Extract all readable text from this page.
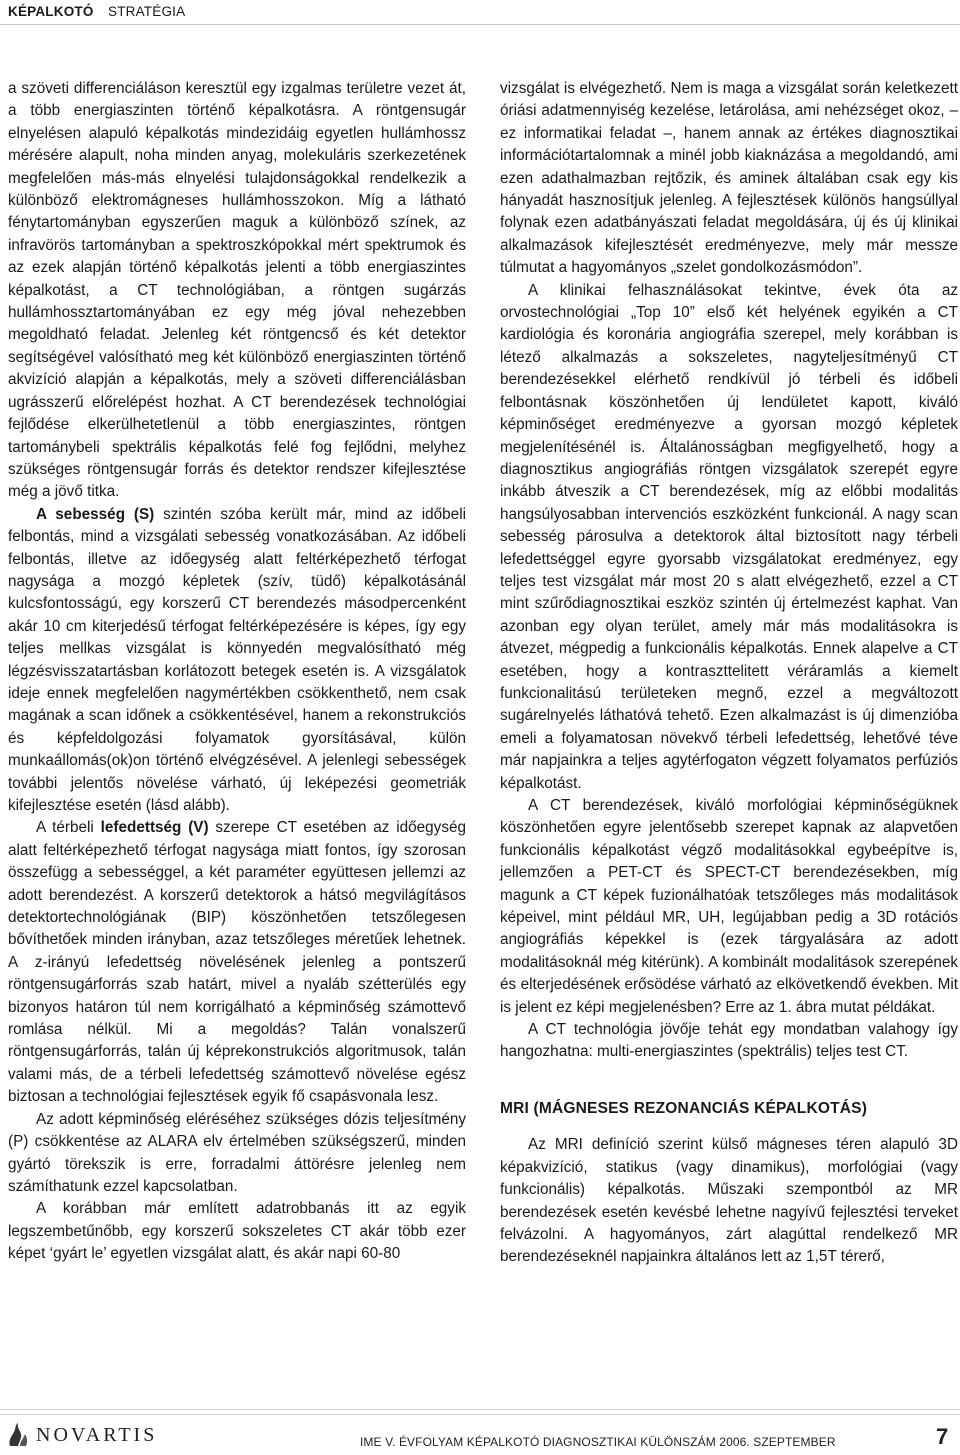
KÉPALKOTÓ STRATÉGIA

a szöveti differenciáláson keresztül egy izgalmas területre vezet át, a több energiaszinten történő képalkotásra. A röntgensugár elnyelésen alapuló képalkotás mindezidáig egyetlen hullámhossz mérésére alapult, noha minden anyag, molekuláris szerkezetének megfelelően más-más elnyelési tulajdonságokkal rendelkezik a különböző elektromágneses hullámhosszokon. Míg a látható fénytartományban egyszerűen maguk a különböző színek, az infravörös tartományban a spektroszkópokkal mért spektrumok és az ezek alapján történő képalkotás jelenti a több energiaszintes képalkotást, a CT technológiában, a röntgen sugárzás hullámhossztartományában ez egy még jóval nehezebben megoldható feladat. Jelenleg két röntgencső és két detektor segítségével valósítható meg két különböző energiaszinten történő akvizíció alapján a képalkotás, mely a szöveti differenciálásban ugrásszerű előrelépést hozhat. A CT berendezések technológiai fejlődése elkerülhetetlenül a több energiaszintes, röntgen tartománybeli spektrális képalkotás felé fog fejlődni, melyhez szükséges röntgensugár forrás és detektor rendszer kifejlesztése még a jövő titka.

A sebesség (S) szintén szóba került már, mind az időbeli felbontás, mind a vizsgálati sebesség vonatkozásában. Az időbeli felbontás, illetve az időegység alatt feltérképezhető térfogat nagysága a mozgó képletek (szív, tüdő) képalkotásánál kulcsfontosságú, egy korszerű CT berendezés másodpercenként akár 10 cm kiterjedésű térfogat feltérképezésére is képes, így egy teljes mellkas vizsgálat is könnyedén megvalósítható még légzésvisszatartásban korlátozott betegek esetén is. A vizsgálatok ideje ennek megfelelően nagymértékben csökkenthető, nem csak magának a scan időnek a csökkentésével, hanem a rekonstrukciós és képfeldolgozási folyamatok gyorsításával, külön munkaállomás(ok)on történő elvégzésével. A jelenlegi sebességek további jelentős növelése várható, új leképezési geometriák kifejlesztése esetén (lásd alább).

A térbeli lefedettség (V) szerepe CT esetében az időegység alatt feltérképezhető térfogat nagysága miatt fontos, így szorosan összefügg a sebességgel, a két paraméter együttesen jellemzi az adott berendezést. A korszerű detektorok a hátsó megvilágításos detektortechnológiának (BIP) köszönhetően tetszőlegesen bővíthetőek minden irányban, azaz tetszőleges méretűek lehetnek. A z-irányú lefedettség növelésének jelenleg a pontszerű röntgensugárforrás szab határt, mivel a nyaláb szétterülés egy bizonyos határon túl nem korrigálható a képminőség számottevő romlása nélkül. Mi a megoldás? Talán vonalszerű röntgensugárforrás, talán új képrekonstrukciós algoritmusok, talán valami más, de a térbeli lefedettség számottevő növelése egész biztosan a technológiai fejlesztések egyik fő csapásvonala lesz.

Az adott képminőség eléréséhez szükséges dózis teljesítmény (P) csökkentése az ALARA elv értelmében szükségszerű, minden gyártó törekszik is erre, forradalmi áttörésre jelenleg nem számíthatunk ezzel kapcsolatban.

A korábban már említett adatrobbanás itt az egyik legszembetűnőbb, egy korszerű sokszeletes CT akár több ezer képet ‘gyárt le’ egyetlen vizsgálat alatt, és akár napi 60-80

vizsgálat is elvégezhető. Nem is maga a vizsgálat során keletkezett óriási adatmennyiség kezelése, letárolása, ami nehézséget okoz, – ez informatikai feladat –, hanem annak az értékes diagnosztikai információtartalomnak a minél jobb kiaknázása a megoldandó, ami ezen adathalmazban rejtőzik, és aminek általában csak egy kis hányadát hasznosítjuk jelenleg. A fejlesztések különös hangsúllyal folynak ezen adatbányászati feladat megoldására, új és új klinikai alkalmazások kifejlesztését eredményezve, mely már messze túlmutat a hagyományos „szelet gondolkozásmódon”.

A klinikai felhasználásokat tekintve, évek óta az orvostechnológiai „Top 10” első két helyének egyikén a CT kardiológia és koronária angiográfia szerepel, mely korábban is létező alkalmazás a sokszeletes, nagyteljesítményű CT berendezésekkel elérhető rendkívül jó térbeli és időbeli felbontásnak köszönhetően új lendületet kapott, kiváló képminőséget eredményezve a gyorsan mozgó képletek megjelenítésénél is. Általánosságban megfigyelhető, hogy a diagnosztikus angiográfiás röntgen vizsgálatok szerepét egyre inkább átveszik a CT berendezések, míg az előbbi modalitás hangsúlyosabban intervenciós eszközként funkcionál. A nagy scan sebesség párosulva a detektorok által biztosított nagy térbeli lefedettséggel egyre gyorsabb vizsgálatokat eredményez, egy teljes test vizsgálat már most 20 s alatt elvégezhető, ezzel a CT mint szűrődiagnosztikai eszköz szintén új értelmezést kaphat. Van azonban egy olyan terület, amely már más modalitásokra is átvezet, mégpedig a funkcionális képalkotás. Ennek alapelve a CT esetében, hogy a kontraszttelitett véráramlás a kiemelt funkcionalitású területeken megnő, ezzel a megváltozott sugárelnyelés láthatóvá tehető. Ezen alkalmazást is új dimenzióba emeli a folyamatosan növekvő térbeli lefedettség, lehetővé téve már napjainkra a teljes agytérfogaton végzett folyamatos perfúziós képalkotást.

A CT berendezések, kiváló morfológiai képminőségüknek köszönhetően egyre jelentősebb szerepet kapnak az alapvetően funkcionális képalkotást végző modalitásokkal egybeépítve is, jellemzően a PET-CT és SPECT-CT berendezésekben, míg magunk a CT képek fuzionálhatóak tetszőleges más modalitások képeivel, mint például MR, UH, legújabban pedig a 3D rotációs angiográfiás képekkel is (ezek tárgyalására az adott modalitásoknál még kitérünk). A kombinált modalitások szerepének és elterjedésének erősödése várható az elkövetkendő években. Mit is jelent ez képi megjelenésben? Erre az 1. ábra mutat példákat.

A CT technológia jövője tehát egy mondatban valahogy így hangozhatna: multi-energiaszintes (spektrális) teljes test CT.

MRI (MÁGNESES REZONANCIÁS KÉPALKOTÁS)

Az MRI definíció szerint külső mágneses téren alapuló 3D képakvizíció, statikus (vagy dinamikus), morfológiai (vagy funkcionális) képalkotás. Műszaki szempontból az MR berendezések esetén kevésbé lehetne nagyívű fejlesztési terveket felvázolni. A hagyományos, zárt alagúttal rendelkező MR berendezéseknél napjainkra általános lett az 1,5T térerő,

NOVARTIS	IME V. ÉVFOLYAM KÉPALKOTÓ DIAGNOSZTIKAI KÜLÖNSZÁM 2006. SZEPTEMBER	7
